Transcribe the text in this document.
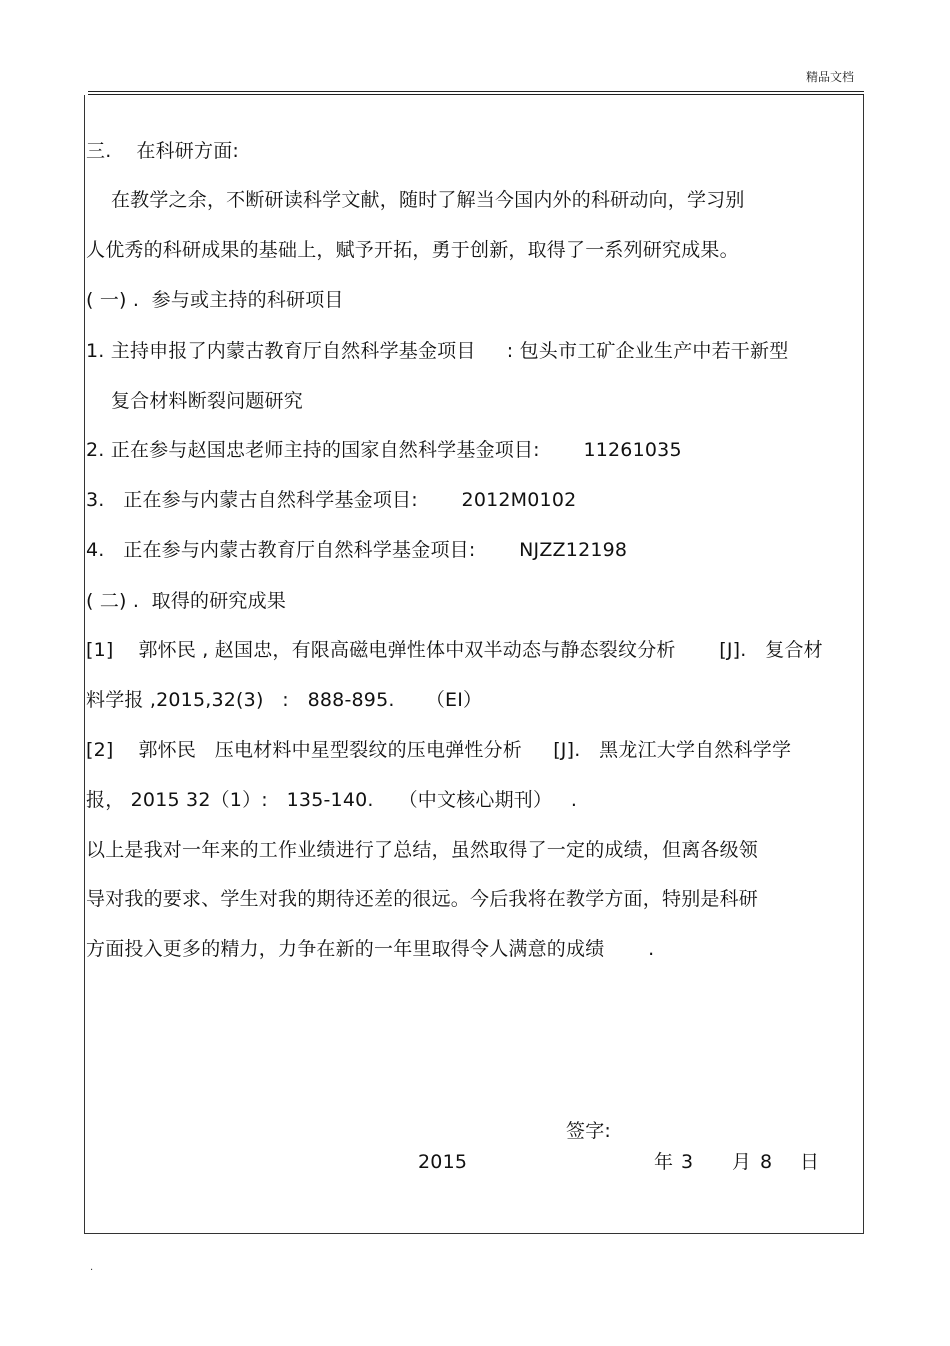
精品文档
三.    在科研方面:
在教学之余，不断研读科学文献，随时了解当今国内外的科研动向，学习别
人优秀的科研成果的基础上，赋予开拓，勇于创新，取得了一系列研究成果。
( 一) .  参与或主持的科研项目
1. 主持申报了内蒙古教育厅自然科学基金项目     : 包头市工矿企业生产中若干新型
复合材料断裂问题研究
2. 正在参与赵国忠老师主持的国家自然科学基金项目:       11261035
3.   正在参与内蒙古自然科学基金项目:       2012M0102
4.   正在参与内蒙古教育厅自然科学基金项目:       NJZZ12198
( 二) .  取得的研究成果
[1]    郭怀民 , 赵国忠，有限高磁电弹性体中双半动态与静态裂纹分析       [J].   复合材
料学报 ,2015,32(3)   :   888-895.     （EI）
[2]    郭怀民   压电材料中星型裂纹的压电弹性分析     [J].   黑龙江大学自然科学学
报， 2015 32（1）:   135-140.    （中文核心期刊）   .
以上是我对一年来的工作业绩进行了总结，虽然取得了一定的成绩，但离各级领
导对我的要求、学生对我的期待还差的很远。今后我将在教学方面，特别是科研
方面投入更多的精力，力争在新的一年里取得令人满意的成绩       .
签字:
2015	年 3 月 8 日
.
